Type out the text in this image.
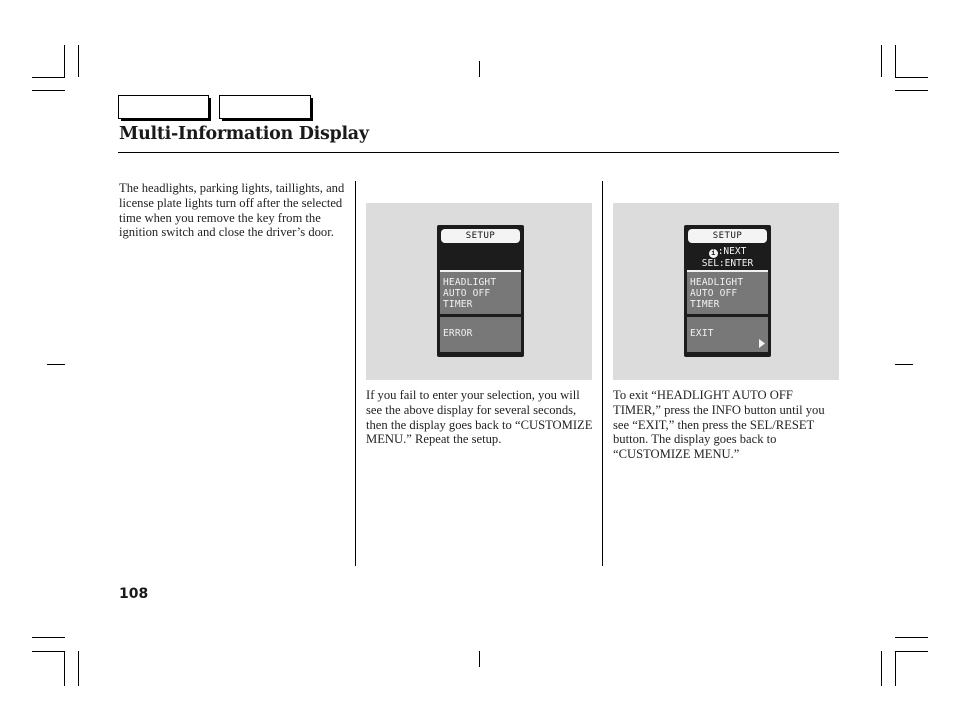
Multi-Information Display
The headlights, parking lights, taillights, and license plate lights turn off after the selected time when you remove the key from the ignition switch and close the driver’s door.	SETUP
HEADLIGHT
AUTO OFF
TIMER
ERROR
If you fail to enter your selection, you will see the above display for several seconds, then the display goes back to “CUSTOMIZE MENU.” Repeat the setup.
SETUP
i :NEXT
SEL:ENTER
HEADLIGHT
AUTO OFF
TIMER
EXIT
To exit “HEADLIGHT AUTO OFF TIMER,” press the INFO button until you see “EXIT,” then press the SEL/RESET button. The display goes back to “CUSTOMIZE MENU.”
108
